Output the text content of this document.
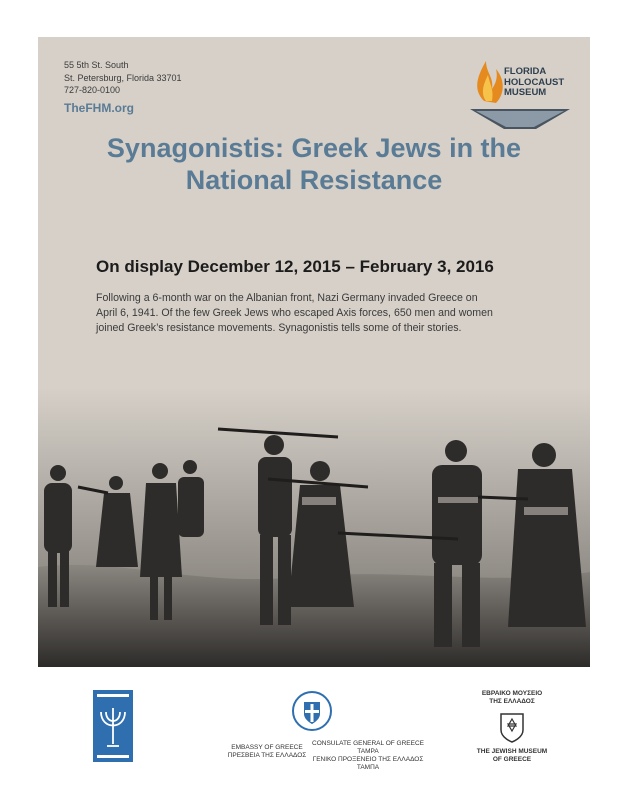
55 5th St. South
St. Petersburg, Florida 33701
727-820-0100
TheFHM.org
FLORIDA
HOLOCAUST
MUSEUM
Synagonistis: Greek Jews in the
National Resistance
On display December 12, 2015 – February 3, 2016
Following a 6-month war on the Albanian front, Nazi Germany invaded Greece on
April 6, 1941. Of the few Greek Jews who escaped Axis forces, 650 men and women
joined Greek’s resistance movements. Synagonistis tells some of their stories.
EMBASSY OF GREECE
ΠΡΕΣΒΕΙΑ ΤΗΣ ΕΛΛΑΔΟΣ
CONSULATE GENERAL OF GREECE
TAMPA
ΓΕΝΙΚΟ ΠΡΟΞΕΝΕΙΟ ΤΗΣ ΕΛΛΑΔΟΣ
ΤΑΜΠΑ
ΕΒΡΑΙΚΟ ΜΟΥΣΕΙΟ
ΤΗΣ ΕΛΛΑΔΟΣ
THE JEWISH MUSEUM
OF GREECE
